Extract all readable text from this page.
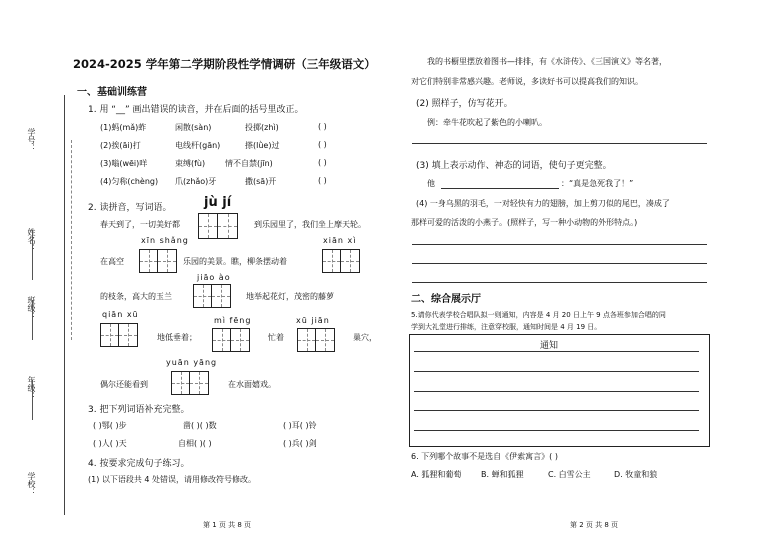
学号：
姓名：
班级：
年级：
学校：
2024-2025 学年第二学期阶段性学情调研（三年级语文）
一、基础训练营
1. 用 “__” 画出错误的读音，并在后面的括号里改正。
(1)蚂(mǎ)蚱	闲散(sàn)	投掷(zhì)	( )
(2)挨(āi)打	电线杆(gān)	搽(lǜe)过	( )
(3)嗡(wēi)咩	束缚(fù) 情不自禁(jīn)	( )
(4)匀称(chèng) 爪(zhǎo)牙	撒(sā)开	( )
2. 读拼音，写词语。	jù jí
春天到了，一切美好都	到乐园里了，我们坐上摩天轮。
xīn shǎng	xiān xì
在高空	乐园的美景。瞧，柳条摆动着
jiāo ào
的枝条，高大的玉兰	地举起花灯，茂密的藤萝
qiān xū
mì fēng	xū jiān
地低垂着；	忙着	巢穴，
yuān yāng
偶尔还能看到	在水面嬉戏。
3. 把下列词语补充完整。
( )鄂( )步	凿( )( )数	( )耳( )铃
( )人( )天	自相( )( )	( )兵( )剑
4. 按要求完成句子练习。
(1) 以下语段共 4 处错误，请用修改符号修改。
第 1 页 共 8 页
我的书橱里摆放着图书—排排，有《水浒传》、《三国演义》等名著，
对它们特别非常感兴趣。老师说，多读好书可以提高我们的知识。
(2) 照样子，仿写花开。
例：牵牛花吹起了紫色的小喇叭。
(3) 填上表示动作、神态的词语，使句子更完整。
他	：“真是急死我了！”
(4) 一身乌黑的羽毛，一对轻快有力的翅膀，加上剪刀似的尾巴，凑成了
那样可爱的活泼的小燕子。(照样子，写一种小动物的外形特点。)
二、综合展示厅
5.请你代表学校合唱队拟一则通知，内容是 4 月 20 日上午 9 点各班参加合唱的同
学到大礼堂进行排练，注意穿校服，通知时间是 4 月 19 日。
通知
6. 下列哪个故事不是选自《伊索寓言》( )
A. 狐狸和葡萄 B. 蝉和狐狸	C. 白雪公主	D. 牧童和狼
第 2 页 共 8 页
